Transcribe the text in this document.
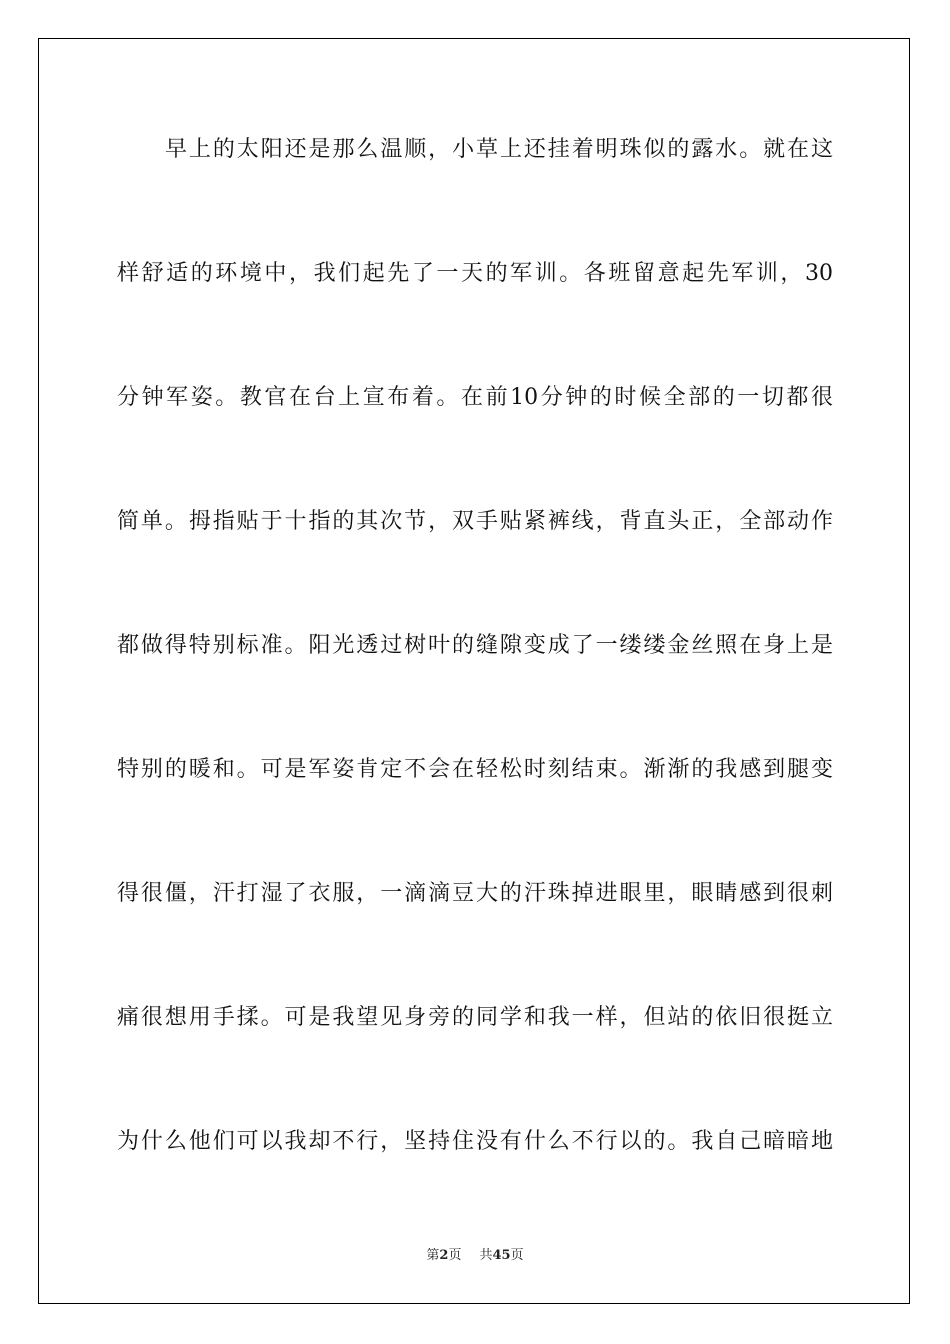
早上的太阳还是那么温顺，小草上还挂着明珠似的露水。就在这
样舒适的环境中，我们起先了一天的军训。各班留意起先军训，30
分钟军姿。教官在台上宣布着。在前10分钟的时候全部的一切都很
简单。拇指贴于十指的其次节，双手贴紧裤线，背直头正，全部动作
都做得特别标准。阳光透过树叶的缝隙变成了一缕缕金丝照在身上是
特别的暖和。可是军姿肯定不会在轻松时刻结束。渐渐的我感到腿变
得很僵，汗打湿了衣服，一滴滴豆大的汗珠掉进眼里，眼睛感到很刺
痛很想用手揉。可是我望见身旁的同学和我一样，但站的依旧很挺立
为什么他们可以我却不行，坚持住没有什么不行以的。我自己暗暗地
第2页 共45页
